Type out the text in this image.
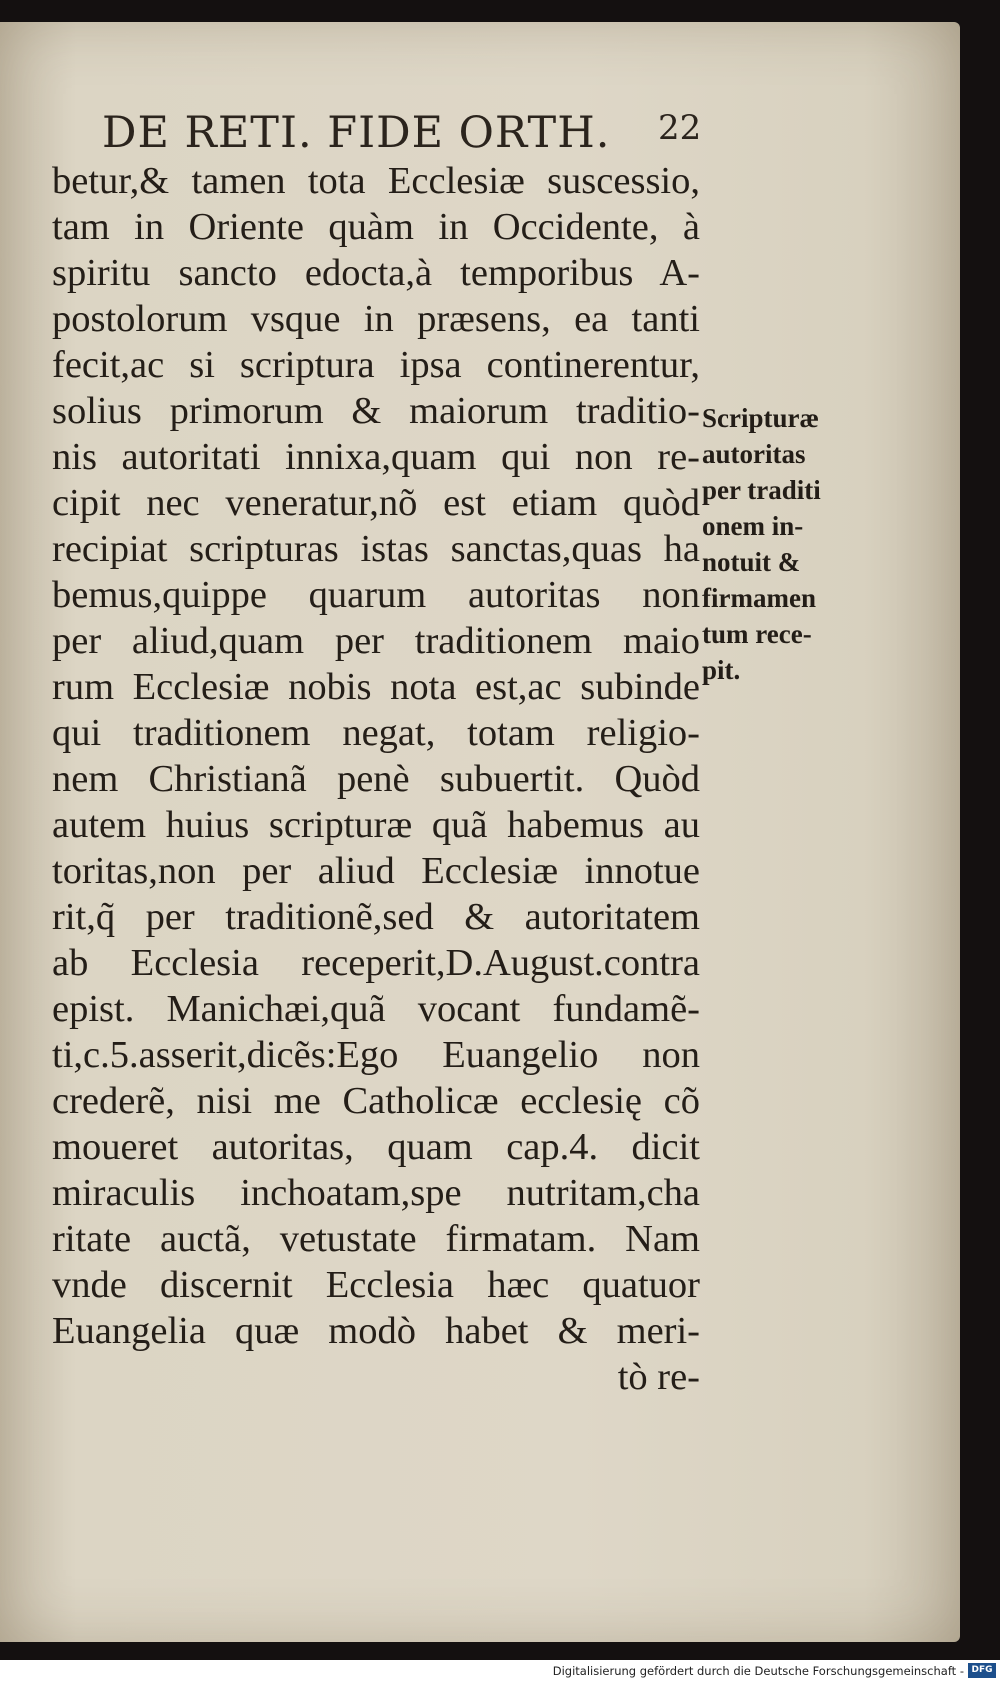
DE RETI. FIDE ORTH. 22
betur,& tamen tota Ecclesiæ suscessio,
tam in Oriente quàm in Occidente, à
spiritu sancto edocta,à temporibus A-
postolorum vsque in præsens, ea tanti
fecit,ac si scriptura ipsa continerentur,
solius primorum & maiorum traditio-
nis autoritati innixa,quam qui non re-
cipit nec veneratur,nõ est etiam quòd
recipiat scripturas istas sanctas,quas ha
bemus,quippe quarum autoritas non
per aliud,quam per traditionem maio
rum Ecclesiæ nobis nota est,ac subinde
qui traditionem negat, totam religio-
nem Christianã penè subuertit. Quòd
autem huius scripturæ quã habemus au
toritas,non per aliud Ecclesiæ innotue
rit,q̃ per traditionẽ,sed & autoritatem
ab Ecclesia receperit,D.August.contra
epist. Manichæi,quã vocant fundamẽ-
ti,c.5.asserit,dicẽs:Ego Euangelio non
crederẽ, nisi me Catholicæ ecclesię cõ
moueret autoritas, quam cap.4. dicit
miraculis inchoatam,spe nutritam,cha
ritate auctã, vetustate firmatam. Nam
vnde discernit Ecclesia hæc quatuor
Euangelia quæ modò habet & meri-
tò re-
Scripturæ
autoritas
per traditi
onem in-
notuit &
firmamen
tum rece-
pit.
Digitalisierung gefördert durch die Deutsche Forschungsgemeinschaft - DFG
